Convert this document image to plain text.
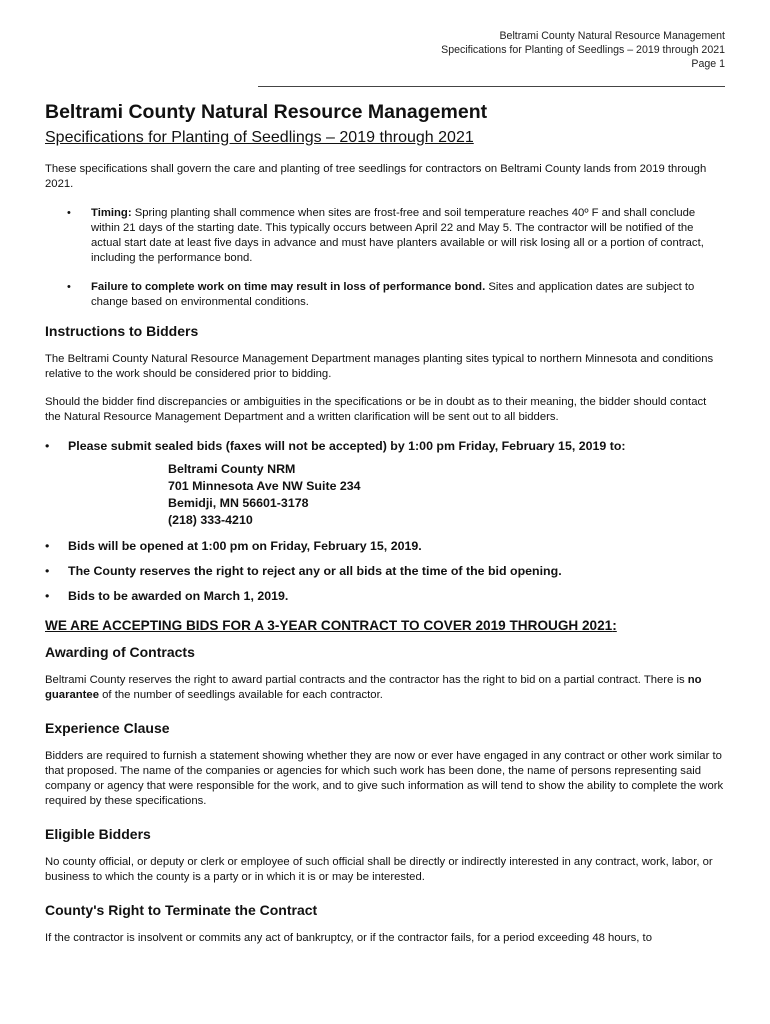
Beltrami County Natural Resource Management
Specifications for Planting of Seedlings – 2019 through 2021
Page 1
Beltrami County Natural Resource Management
Specifications for Planting of Seedlings – 2019 through 2021

These specifications shall govern the care and planting of tree seedlings for contractors on Beltrami County lands from 2019 through 2021.

• Timing: Spring planting shall commence when sites are frost-free and soil temperature reaches 40º F and shall conclude within 21 days of the starting date. This typically occurs between April 22 and May 5. The contractor will be notified of the actual start date at least five days in advance and must have planters available or will risk losing all or a portion of contract, including the performance bond.
• Failure to complete work on time may result in loss of performance bond. Sites and application dates are subject to change based on environmental conditions.
Instructions to Bidders

The Beltrami County Natural Resource Management Department manages planting sites typical to northern Minnesota and conditions relative to the work should be considered prior to bidding.

Should the bidder find discrepancies or ambiguities in the specifications or be in doubt as to their meaning, the bidder should contact the Natural Resource Management Department and a written clarification will be sent out to all bidders.

• Please submit sealed bids (faxes will not be accepted) by 1:00 pm Friday, February 15, 2019 to:
Beltrami County NRM
701 Minnesota Ave NW Suite 234
Bemidji, MN 56601-3178
(218) 333-4210
• Bids will be opened at 1:00 pm on Friday, February 15, 2019.
• The County reserves the right to reject any or all bids at the time of the bid opening.
• Bids to be awarded on March 1, 2019.

WE ARE ACCEPTING BIDS FOR A 3-YEAR CONTRACT TO COVER 2019 THROUGH 2021:

Awarding of Contracts

Beltrami County reserves the right to award partial contracts and the contractor has the right to bid on a partial contract. There is no guarantee of the number of seedlings available for each contractor.

Experience Clause

Bidders are required to furnish a statement showing whether they are now or ever have engaged in any contract or other work similar to that proposed. The name of the companies or agencies for which such work has been done, the name of persons representing said company or agency that were responsible for the work, and to give such information as will tend to show the ability to complete the work required by these specifications.

Eligible Bidders

No county official, or deputy or clerk or employee of such official shall be directly or indirectly interested in any contract, work, labor, or business to which the county is a party or in which it is or may be interested.

County's Right to Terminate the Contract

If the contractor is insolvent or commits any act of bankruptcy, or if the contractor fails, for a period exceeding 48 hours, to
